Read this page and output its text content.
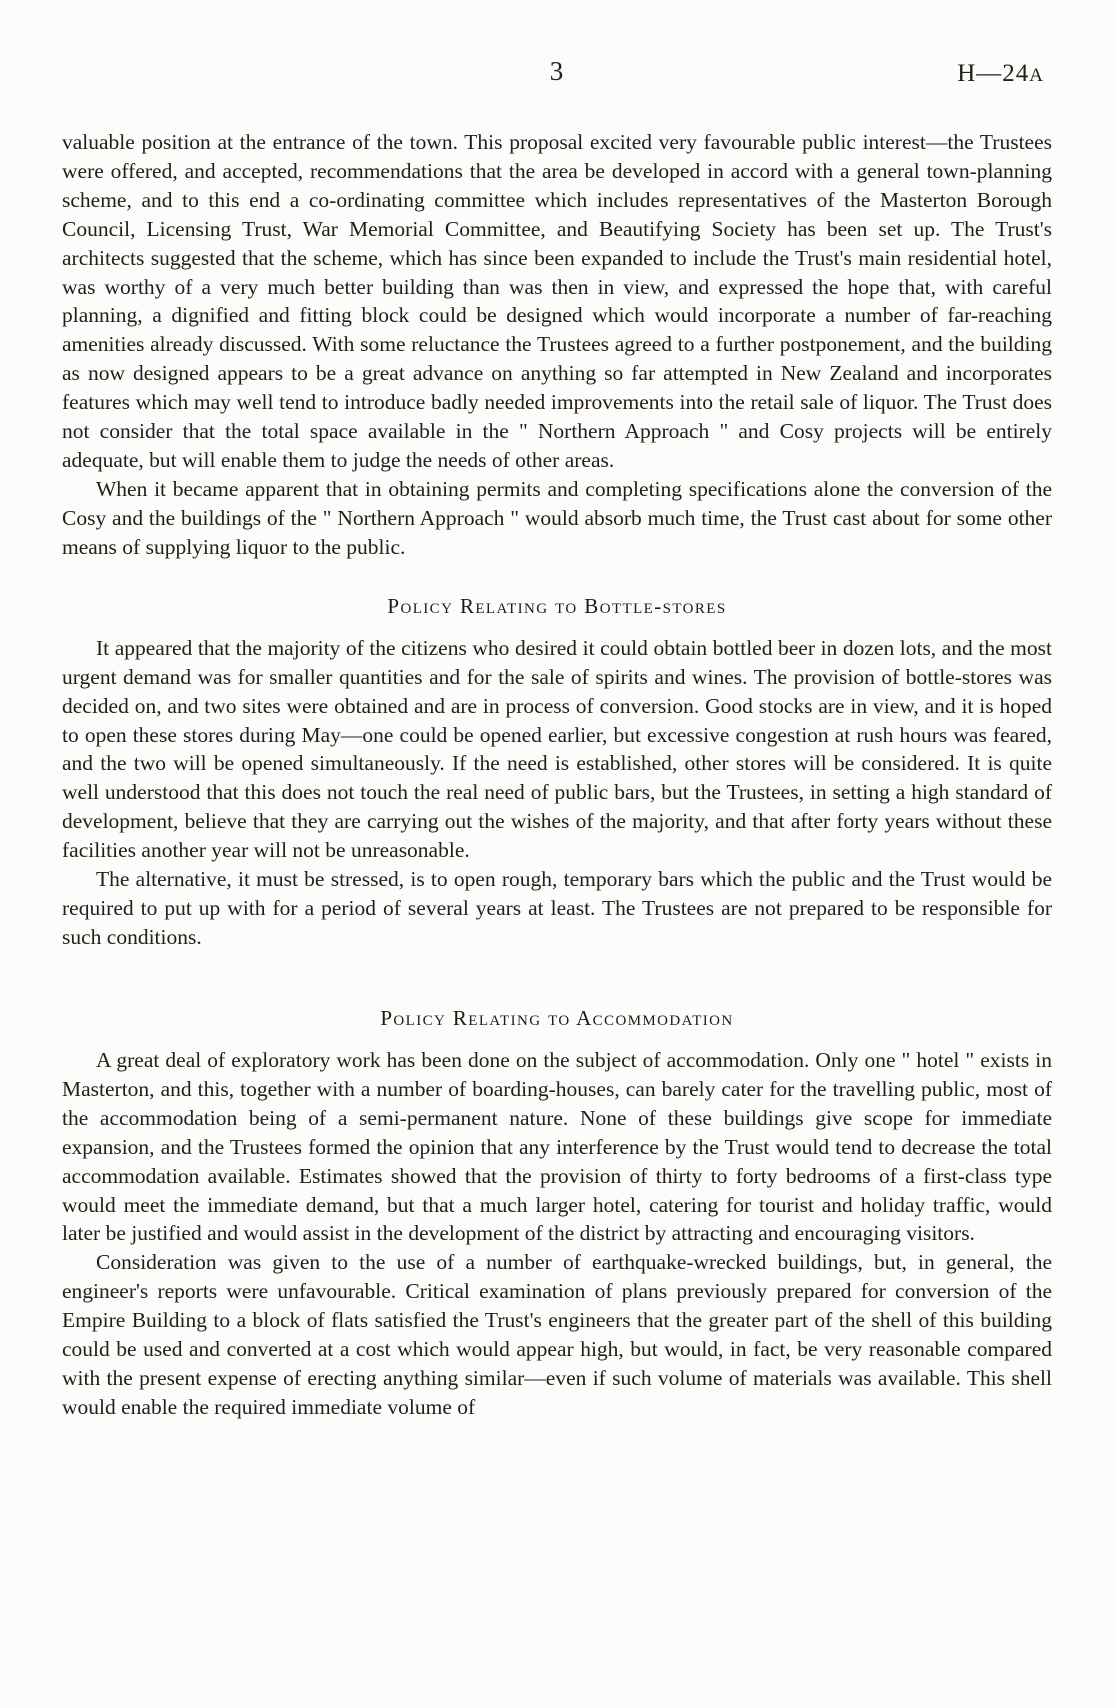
3	H—24A

valuable position at the entrance of the town. This proposal excited very favourable public interest—the Trustees were offered, and accepted, recommendations that the area be developed in accord with a general town-planning scheme, and to this end a co-ordinating committee which includes representatives of the Masterton Borough Council, Licensing Trust, War Memorial Committee, and Beautifying Society has been set up. The Trust's architects suggested that the scheme, which has since been expanded to include the Trust's main residential hotel, was worthy of a very much better building than was then in view, and expressed the hope that, with careful planning, a dignified and fitting block could be designed which would incorporate a number of far-reaching amenities already discussed. With some reluctance the Trustees agreed to a further postponement, and the building as now designed appears to be a great advance on anything so far attempted in New Zealand and incorporates features which may well tend to introduce badly needed improvements into the retail sale of liquor. The Trust does not consider that the total space available in the " Northern Approach " and Cosy projects will be entirely adequate, but will enable them to judge the needs of other areas.

When it became apparent that in obtaining permits and completing specifications alone the conversion of the Cosy and the buildings of the " Northern Approach " would absorb much time, the Trust cast about for some other means of supplying liquor to the public.

Policy Relating to Bottle-stores

It appeared that the majority of the citizens who desired it could obtain bottled beer in dozen lots, and the most urgent demand was for smaller quantities and for the sale of spirits and wines. The provision of bottle-stores was decided on, and two sites were obtained and are in process of conversion. Good stocks are in view, and it is hoped to open these stores during May—one could be opened earlier, but excessive congestion at rush hours was feared, and the two will be opened simultaneously. If the need is established, other stores will be considered. It is quite well understood that this does not touch the real need of public bars, but the Trustees, in setting a high standard of development, believe that they are carrying out the wishes of the majority, and that after forty years without these facilities another year will not be unreasonable.

The alternative, it must be stressed, is to open rough, temporary bars which the public and the Trust would be required to put up with for a period of several years at least. The Trustees are not prepared to be responsible for such conditions.

Policy Relating to Accommodation

A great deal of exploratory work has been done on the subject of accommodation. Only one " hotel " exists in Masterton, and this, together with a number of boarding-houses, can barely cater for the travelling public, most of the accommodation being of a semi-permanent nature. None of these buildings give scope for immediate expansion, and the Trustees formed the opinion that any interference by the Trust would tend to decrease the total accommodation available. Estimates showed that the provision of thirty to forty bedrooms of a first-class type would meet the immediate demand, but that a much larger hotel, catering for tourist and holiday traffic, would later be justified and would assist in the development of the district by attracting and encouraging visitors.

Consideration was given to the use of a number of earthquake-wrecked buildings, but, in general, the engineer's reports were unfavourable. Critical examination of plans previously prepared for conversion of the Empire Building to a block of flats satisfied the Trust's engineers that the greater part of the shell of this building could be used and converted at a cost which would appear high, but would, in fact, be very reasonable compared with the present expense of erecting anything similar—even if such volume of materials was available. This shell would enable the required immediate volume of
